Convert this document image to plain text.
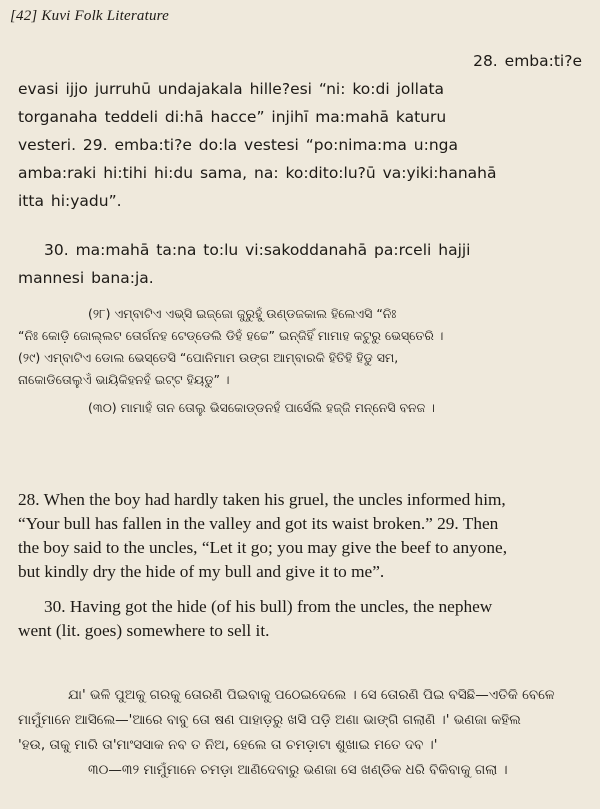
[42] Kuvi Folk Literature

28. emba:ti?e

evasi ijjo jurruhū undajakala hille?esi “ni: ko:di jollata

torganaha teddeli di:hā hacce” injihī ma:mahā katuru

vesteri. 29. emba:ti?e do:la vestesi “po:nima:ma u:nga

amba:raki hi:tihi hi:du sama, na: ko:dito:lu?ū va:yiki:hanahā

itta hi:yadu”.

30. ma:mahā ta:na to:lu vi:sakoddanahā pa:rceli hajji

mannesi bana:ja.

(୨୮) ଏମ୍ବାଟିଏ ଏଭ୍ସି ଇଜ୍ଜୋ ଜୁରୁହୁଁ ଉଣ୍ଡଜକାଲ ହିଲେଏସି “ନିଃ

“ନିଃ କୋଡ଼ି ଜୋଲ୍ଲଟ ତୋର୍ଗନହ ଟେଡ୍ଡେଲି ଡିହଁ ହଚ୍ଚେ” ଇନ୍‌ଜିହିଁ ମାମାହ କଟୁରୁ ଭେସ୍‌ତେରି ।

(୨୯) ଏମ୍ବାଟିଏ ଡୋଲ ଭେସ୍‌ତେସି “ପୋନିମାମ ଉଙ୍ଗ ଆମ୍ବାରକି ହିତିହି ହିଡୁ ସମ,

ନାକୋଡିତୋଲୁଏଁ ଭାୟିକିହନହଁ ଇଟ୍ଟ ହିୟଡୁ” ।

(୩୦) ମାମାହଁ ତାନ ତୋଲୁ ଭିସକୋଡ୍ଡନହଁ ପାର୍ସେଲି ହଜ୍ଜି ମନ୍ନେସି ବନଜ ।

28. When the boy had hardly taken his gruel, the uncles informed him,

“Your bull has fallen in the valley and got its waist broken.” 29. Then

the boy said to the uncles, “Let it go; you may give the beef to anyone,

but kindly dry the hide of my bull and give it to me”.

30. Having got the hide (of his bull) from the uncles, the nephew

went (lit. goes) somewhere to sell it.

ଯା' ଭଳି ପୁଅକୁ ଗରକୁ ତୋରଣି ପିଇବାକୁ ପଠେଇଦେଲେ । ସେ ତୋରଣି ପିଇ ବସିଛି—ଏତିକି ବେଳେ

ମାମୁଁମାନେ ଆସିଲେ—'ଆରେ ବାବୁ ତୋ ଷଣ ପାହାଡ଼ରୁ ଖସି ପଡ଼ି ଅଣା ଭାଙ୍ଗି ଗଲାଣି ।' ଭଣଜା କହିଲ

'ହଉ, ତାକୁ ମାରି ତା'ମାଂସସାକ ନବ ତ ନିଅ, ହେଲେ ତା ଚମଡ଼ାଟା ଶୁଖାଇ ମତେ ଦବ ।'

୩୦—୩୨ ମାମୁଁମାନେ ଚମଡ଼ା ଆଣିଦେବାରୁ ଭଣଜା ସେ ଖଣ୍ଡିକ ଧରି ବିକିବାକୁ ଗଲା ।
